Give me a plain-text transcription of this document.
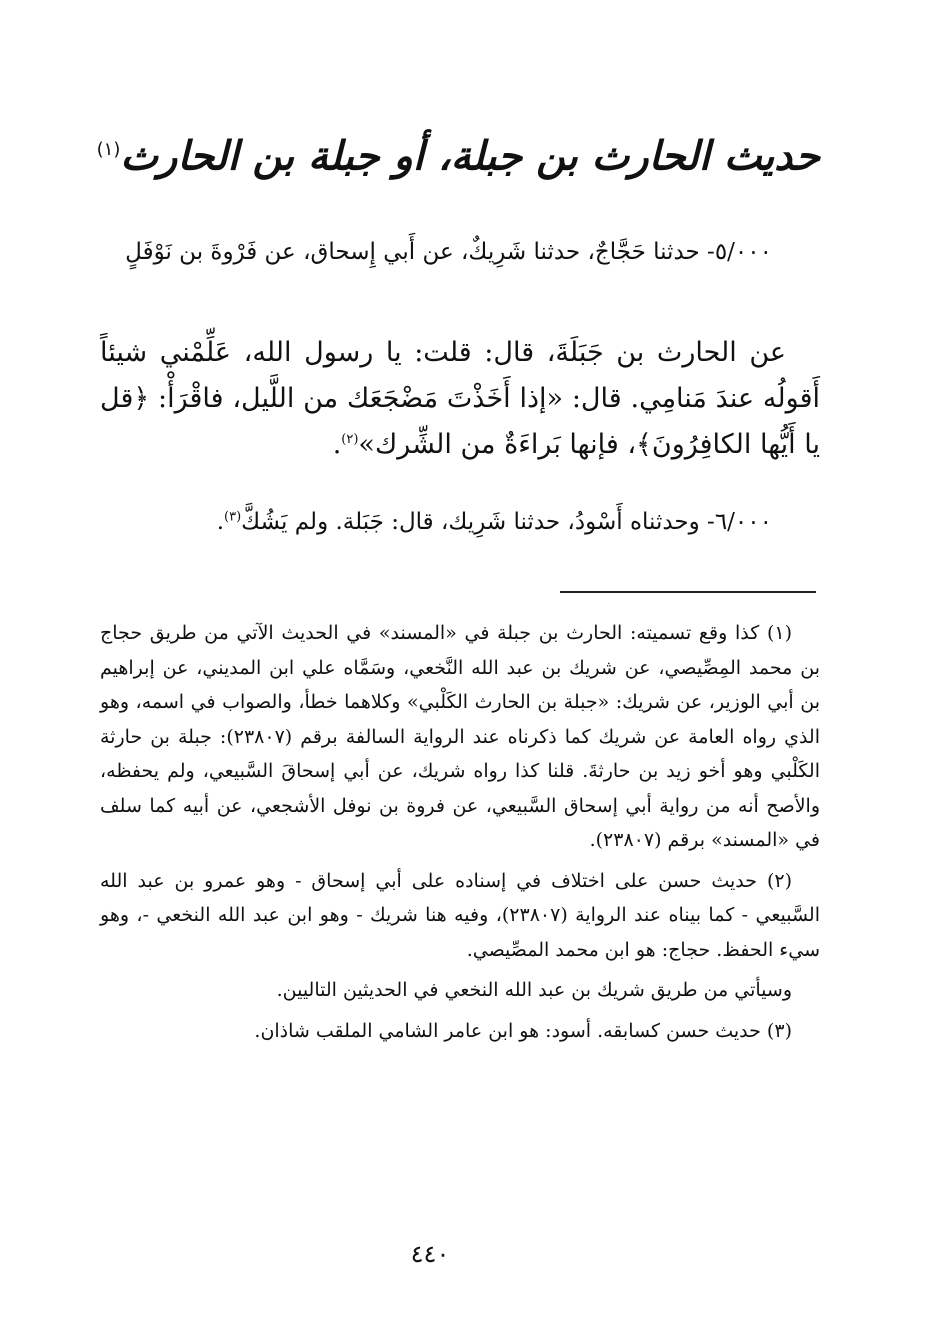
حديث الحارث بن جبلة، أو جبلة بن الحارث$^{(١)}$
٥/٠٠٠- حدثنا حَجَّاجٌ، حدثنا شَرِيكٌ، عن أَبي إِسحاق، عن فَرْوةَ بن نَوْفَلٍ
عن الحارث بن جَبَلَةَ، قال: قلت: يا رسول الله، عَلِّمْني شيئاً أَقولُه عندَ مَنامِي. قال: «إذا أَخَذْتَ مَضْجَعَك من اللَّيل، فاقْرَأْ: ﴿قل يا أَيُّها الكافِرُونَ﴾، فإنها بَراءَةٌ من الشِّرك»$^{(٢)}$.
٦/٠٠٠- وحدثناه أَسْودُ، حدثنا شَرِيك، قال: جَبَلة. ولم يَشُكَّ$^{(٣)}$.

(١) كذا وقع تسميته: الحارث بن جبلة في «المسند» في الحديث الآتي من طريق حجاج بن محمد المِصِّيصي، عن شريك بن عبد الله النَّخعي، وسَمَّاه علي ابن المديني، عن إبراهيم بن أبي الوزير، عن شريك: «جبلة بن الحارث الكَلْبي» وكلاهما خطأ، والصواب في اسمه، وهو الذي رواه العامة عن شريك كما ذكرناه عند الرواية السالفة برقم (٢٣٨٠٧): جبلة بن حارثة الكَلْبي وهو أخو زيد بن حارثةَ. قلنا كذا رواه شريك، عن أبي إسحاقَ السَّبيعي، ولم يحفظه، والأصح أنه من رواية أبي إسحاق السَّبيعي، عن فروة بن نوفل الأشجعي، عن أبيه كما سلف في «المسند» برقم (٢٣٨٠٧).

(٢) حديث حسن على اختلاف في إسناده على أبي إسحاق - وهو عمرو بن عبد الله السَّبيعي - كما بيناه عند الرواية (٢٣٨٠٧)، وفيه هنا شريك - وهو ابن عبد الله النخعي -، وهو سيء الحفظ. حجاج: هو ابن محمد المصِّيصي.

وسيأتي من طريق شريك بن عبد الله النخعي في الحديثين التاليين.

(٣) حديث حسن كسابقه. أسود: هو ابن عامر الشامي الملقب شاذان.

٤٤٠
